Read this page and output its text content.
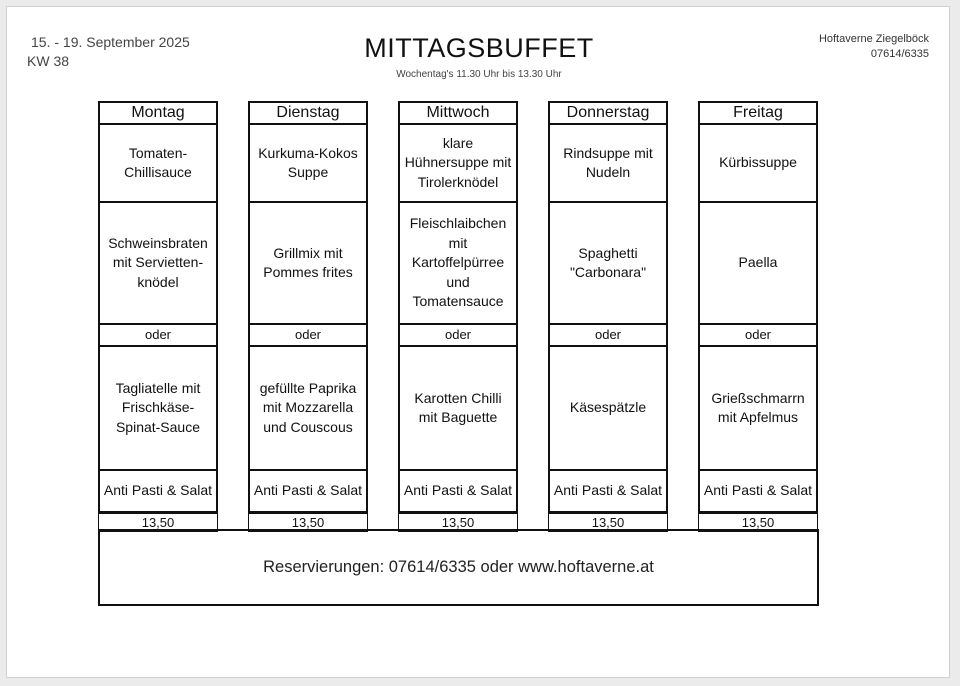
15. - 19. September 2025
KW 38	MITTAGSBUFFET
Wochentag's 11.30 Uhr bis 13.30 Uhr
Hoftaverne Ziegelböck
07614/6335
Montag
Tomaten-
Chillisauce
Schweinsbraten
mit Servietten-
knödel
oder
Tagliatelle mit
Frischkäse-
Spinat-Sauce
Anti Pasti & Salat
13,50
Dienstag
Kurkuma-Kokos
Suppe
Grillmix mit
Pommes frites
oder
gefüllte Paprika
mit Mozzarella
und Couscous
Anti Pasti & Salat
13,50
Mittwoch
klare
Hühnersuppe mit
Tirolerknödel
Fleischlaibchen
mit
Kartoffelpürree
und
Tomatensauce
oder
Karotten Chilli
mit Baguette
Anti Pasti & Salat
13,50
Donnerstag
Rindsuppe mit
Nudeln
Spaghetti
"Carbonara"
oder
Käsespätzle
Anti Pasti & Salat
13,50
Freitag
Kürbissuppe
Paella
oder
Grießschmarrn
mit Apfelmus
Anti Pasti & Salat
13,50
Reservierungen: 07614/6335 oder www.hoftaverne.at
